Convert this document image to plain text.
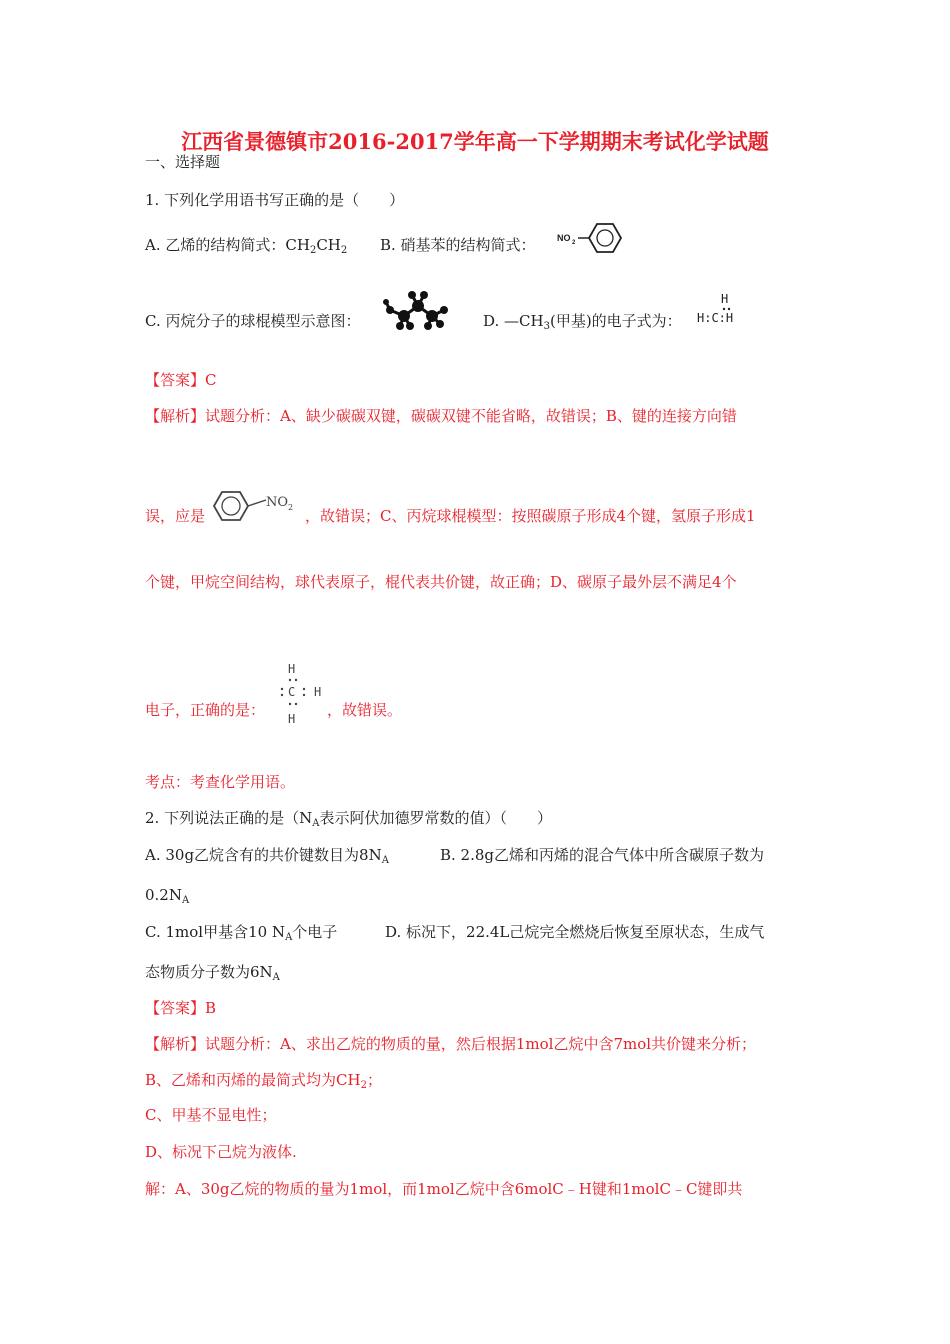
江西省景德镇市2016-2017学年高一下学期期末考试化学试题
一、选择题
1. 下列化学用语书写正确的是（　　）
A. 乙烯的结构简式：$CH_2CH_2$ B. 硝基苯的结构简式： NO 2
C. 丙烷分子的球棍模型示意图：	D. $—CH_3$(甲基)的电子式为：
H
H:C:H
【答案】C
【解析】试题分析：A、缺少碳碳双键，碳碳双键不能省略，故错误；B、键的连接方向错
误，应是	，故错误；C、丙烷球棍模型：按照碳原子形成4个键，氢原子形成1
NO 2
个键，甲烷空间结构，球代表原子，棍代表共价键，故正确；D、碳原子最外层不满足4个
电子，正确的是：	，故错误。
H
C H
H
考点：考查化学用语。
2. 下列说法正确的是（$N_A$表示阿伏加德罗常数的值）（　　）
A. 30g乙烷含有的共价键数目为$8N_A$	B. 2.8g乙烯和丙烯的混合气体中所含碳原子数为
$0.2N_A$
C. 1mol甲基含10 $N_A$个电子	D. 标况下，22.4L己烷完全燃烧后恢复至原状态，生成气
态物质分子数为$6N_A$
【答案】B
【解析】试题分析：A、求出乙烷的物质的量，然后根据1mol乙烷中含7mol共价键来分析；
B、乙烯和丙烯的最简式均为$CH_2$；
C、甲基不显电性；
D、标况下己烷为液体.
解：A、30g乙烷的物质的量为1mol，而1mol乙烷中含6molC﹣H键和1molC﹣C键即共
